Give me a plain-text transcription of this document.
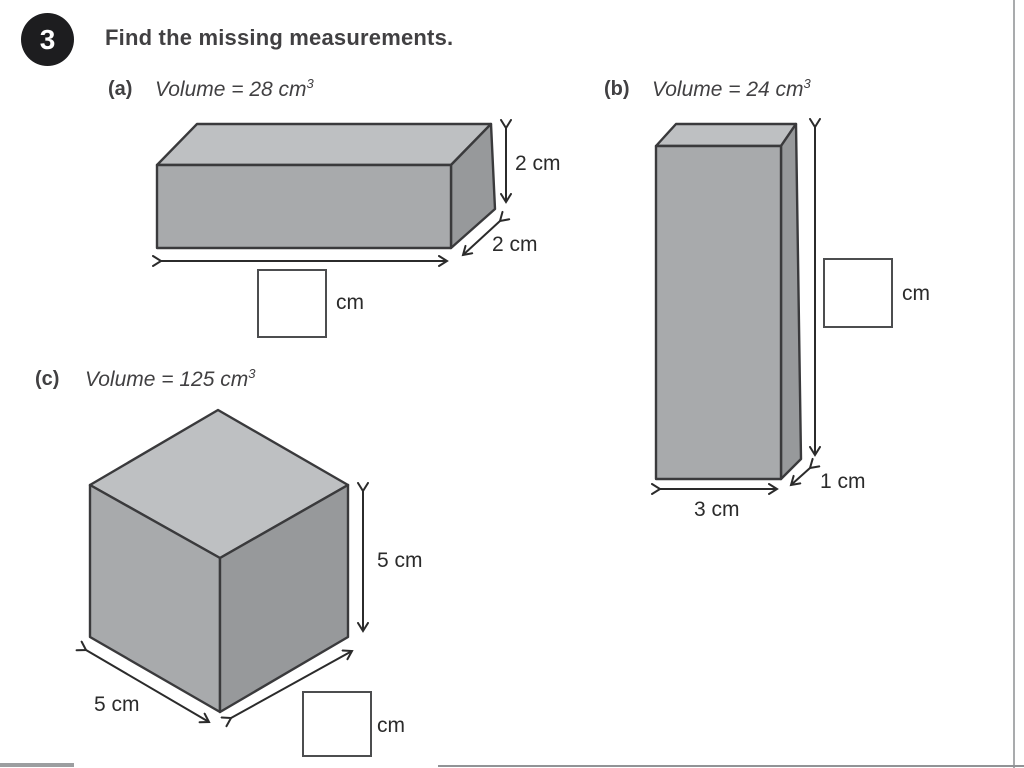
3 Find the missing measurements.
(a) Volume = 28 $cm^3$
2 cm
2 cm
cm
(b) Volume = 24 $cm^3$
cm
1 cm
3 cm
(c) Volume = 125 $cm^3$
5 cm
5 cm
cm
